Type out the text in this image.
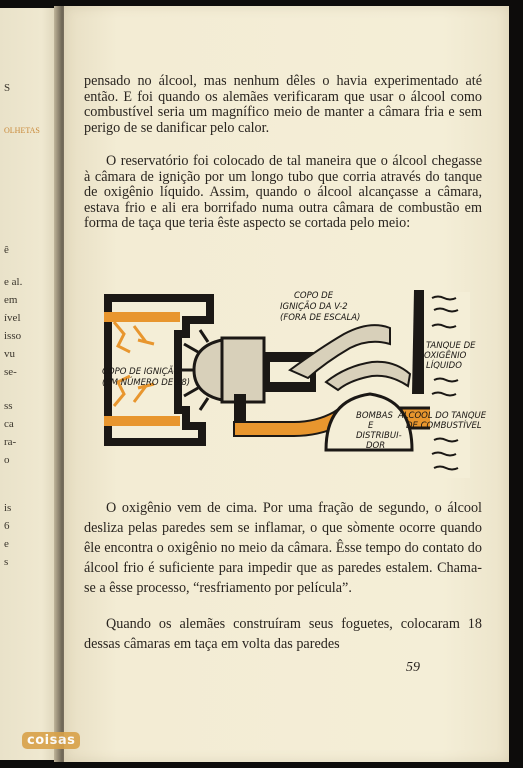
S
OLHETAS
ê
e al.
em
ível
isso
vu
se-
ss
ca
ra-
o
is
6
e
s

pensado no álcool, mas nenhum dêles o havia experimentado até então. E foi quando os alemães verificaram que usar o álcool como combustível seria um magnífico meio de manter a câmara fria e sem perigo de se danificar pelo calor.

O reservatório foi colocado de tal maneira que o álcool chegasse à câmara de ignição por um longo tubo que corria através do tanque de oxigênio líquido. Assim, quando o álcool alcançasse a câmara, estava frio e ali era borrifado numa outra câmara de combustão em forma de taça que teria êste aspecto se cortada pelo meio:

BOMBAS
E
DISTRIBUI-
DOR
COPO DE
IGNIÇÃO DA V-2
(FORA DE ESCALA)
COPO DE IGNIÇÃO
(EM NÚMERO DE 18)
TANQUE DE
OXIGÊNIO
LÍQUIDO
ÁLCOOL DO TANQUE
DE COMBUSTÍVEL

O oxigênio vem de cima. Por uma fração de segundo, o álcool desliza pelas paredes sem se inflamar, o que sòmente ocorre quando êle encontra o oxigênio no meio da câmara. Êsse tempo do contato do álcool frio é suficiente para impedir que as paredes estalem. Chama-se a êsse processo, “resfriamento por película”.

Quando os alemães construíram seus foguetes, colocaram 18 dessas câmaras em taça em volta das paredes

59
coisas
